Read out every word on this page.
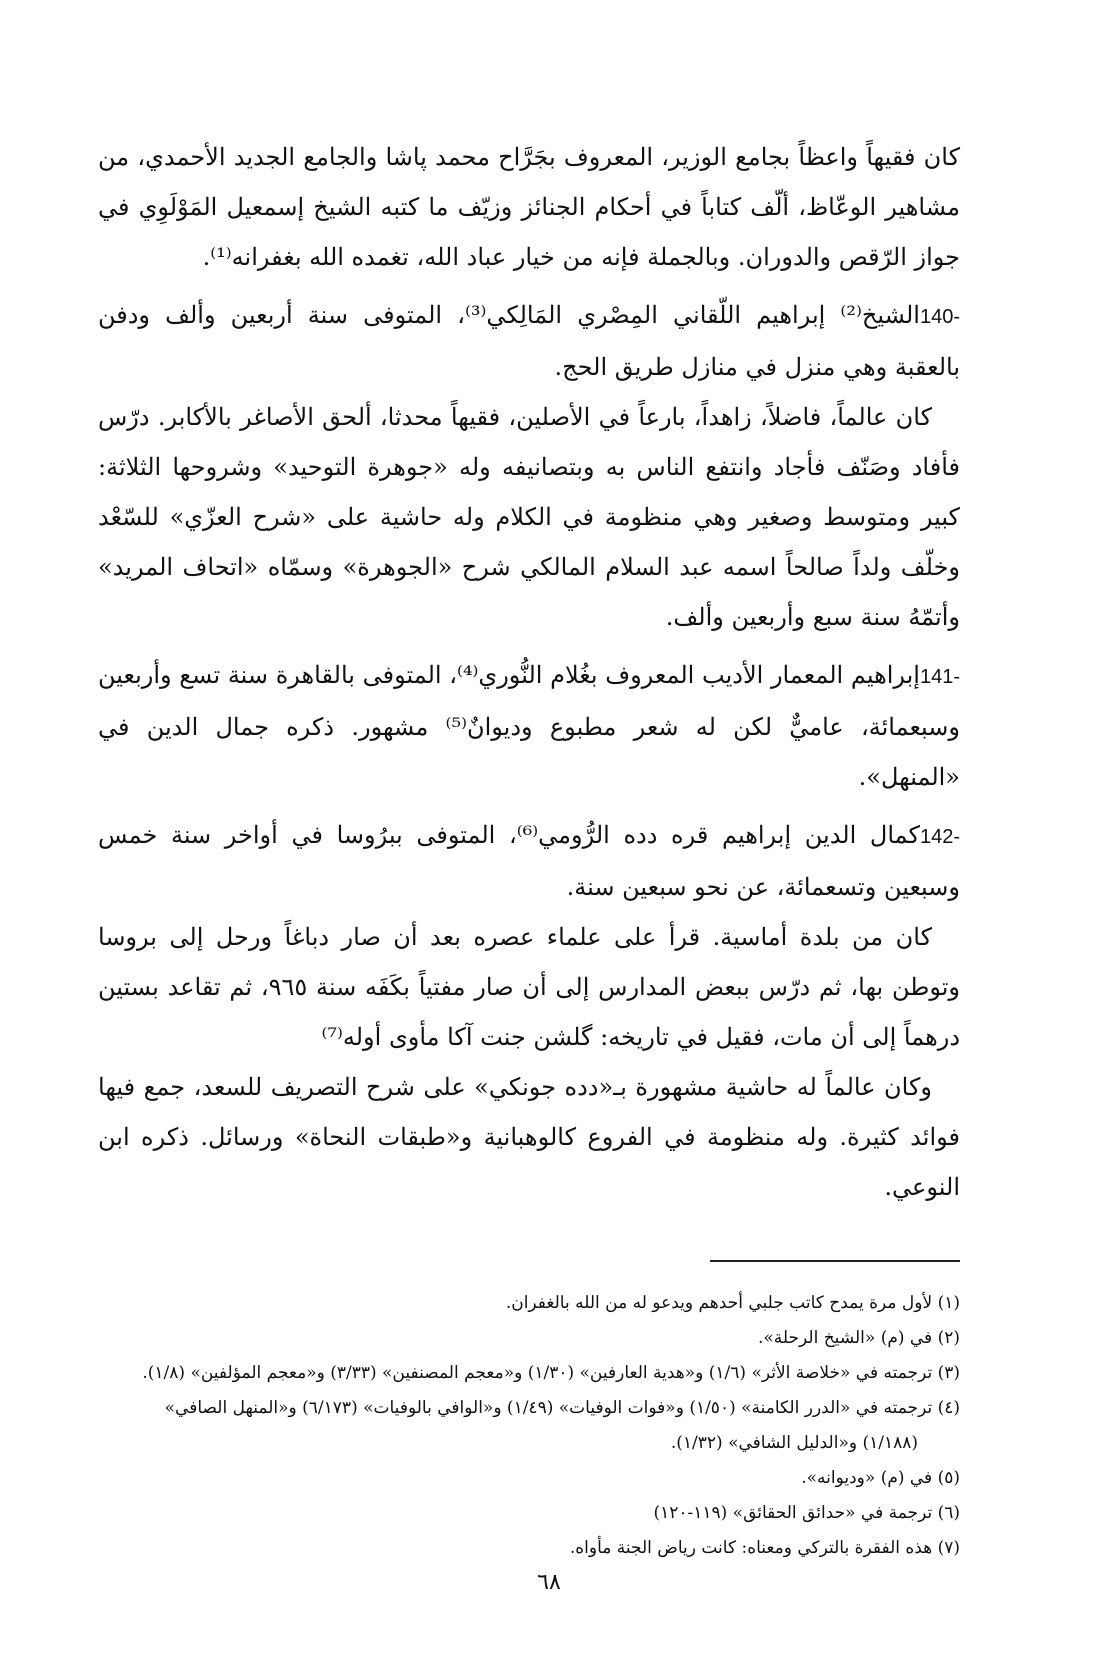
كان فقيهاً واعظاً بجامع الوزير، المعروف بجَرَّاح محمد پاشا والجامع الجديد الأحمدي، من مشاهير الوعّاظ، ألّف كتاباً في أحكام الجنائز وزيّف ما كتبه الشيخ إسمعيل المَوْلَوِي في جواز الرّقص والدوران. وبالجملة فإنه من خيار عباد الله، تغمده الله بغفرانه⁽¹⁾.

140-الشيخ⁽²⁾ إبراهيم اللّقاني المِصْري المَالِكي⁽³⁾، المتوفى سنة أربعين وألف ودفن بالعقبة وهي منزل في منازل طريق الحج.

كان عالماً، فاضلاً، زاهداً، بارعاً في الأصلين، فقيهاً محدثا، ألحق الأصاغر بالأكابر. درّس فأفاد وصَنّف فأجاد وانتفع الناس به وبتصانيفه وله «جوهرة التوحيد» وشروحها الثلاثة: كبير ومتوسط وصغير وهي منظومة في الكلام وله حاشية على «شرح العزّي» للسّعْد وخلّف ولداً صالحاً اسمه عبد السلام المالكي شرح «الجوهرة» وسمّاه «اتحاف المريد» وأتمّهُ سنة سبع وأربعين وألف.

141-إبراهيم المعمار الأديب المعروف بغُلام النُّوري⁽⁴⁾، المتوفى بالقاهرة سنة تسع وأربعين وسبعمائة، عاميٌّ لكن له شعر مطبوع وديوانٌ⁽⁵⁾ مشهور. ذكره جمال الدين في «المنهل».

142-كمال الدين إبراهيم قره دده الرُّومي⁽⁶⁾، المتوفى ببرُوسا في أواخر سنة خمس وسبعين وتسعمائة، عن نحو سبعين سنة.

كان من بلدة أماسية. قرأ على علماء عصره بعد أن صار دباغاً ورحل إلى بروسا وتوطن بها، ثم درّس ببعض المدارس إلى أن صار مفتياً بكَفَه سنة ٩٦٥، ثم تقاعد بستين درهماً إلى أن مات، فقيل في تاريخه: گلشن جنت آكا مأوى أوله⁽⁷⁾

وكان عالماً له حاشية مشهورة بـ«دده جونكي» على شرح التصريف للسعد، جمع فيها فوائد كثيرة. وله منظومة في الفروع كالوهبانية و«طبقات النحاة» ورسائل. ذكره ابن النوعي.

(١) لأول مرة يمدح كاتب جلبي أحدهم ويدعو له من الله بالغفران.

(٢) في (م) «الشيخ الرحلة».

(٣) ترجمته في «خلاصة الأثر» (١/٦) و«هدية العارفين» (١/٣٠) و«معجم المصنفين» (٣/٣٣) و«معجم المؤلفين» (١/٨).

(٤) ترجمته في «الدرر الكامنة» (١/٥٠) و«فوات الوفيات» (١/٤٩) و«الوافي بالوفيات» (٦/١٧٣) و«المنهل الصافي»

(١/١٨٨) و«الدليل الشافي» (١/٣٢).

(٥) في (م) «وديوانه».

(٦) ترجمة في «حدائق الحقائق» (١١٩-١٢٠)

(٧) هذه الفقرة بالتركي ومعناه: كانت رياض الجنة مأواه.

٦٨
